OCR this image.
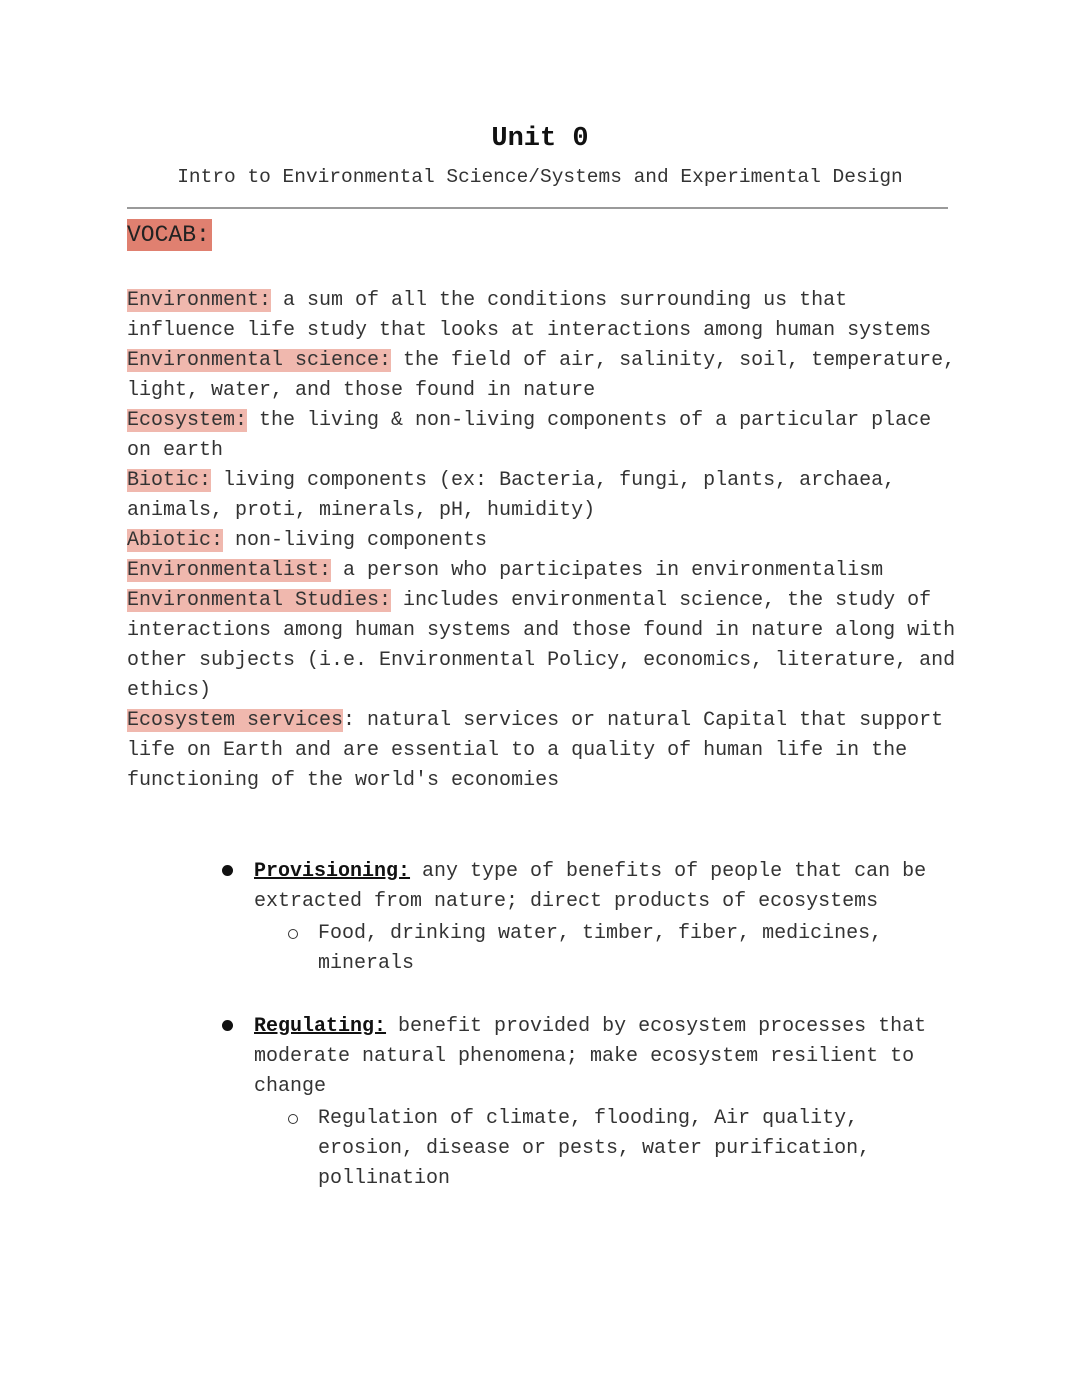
Unit 0
Intro to Environmental Science/Systems and Experimental Design
VOCAB:

Environment: a sum of all the conditions surrounding us that influence life study that looks at interactions among human systems

Environmental science: the field of air, salinity, soil, temperature, light, water, and those found in nature

Ecosystem: the living & non-living components of a particular place on earth

Biotic: living components (ex: Bacteria, fungi, plants, archaea, animals, proti, minerals, pH, humidity)

Abiotic: non-living components

Environmentalist: a person who participates in environmentalism

Environmental Studies: includes environmental science, the study of interactions among human systems and those found in nature along with other subjects (i.e. Environmental Policy, economics, literature, and ethics)

Ecosystem services: natural services or natural Capital that support life on Earth and are essential to a quality of human life in the functioning of the world's economies

Provisioning: any type of benefits of people that can be extracted from nature; direct products of ecosystems
Food, drinking water, timber, fiber, medicines, minerals
Regulating: benefit provided by ecosystem processes that moderate natural phenomena; make ecosystem resilient to change
Regulation of climate, flooding, Air quality, erosion, disease or pests, water purification, pollination
